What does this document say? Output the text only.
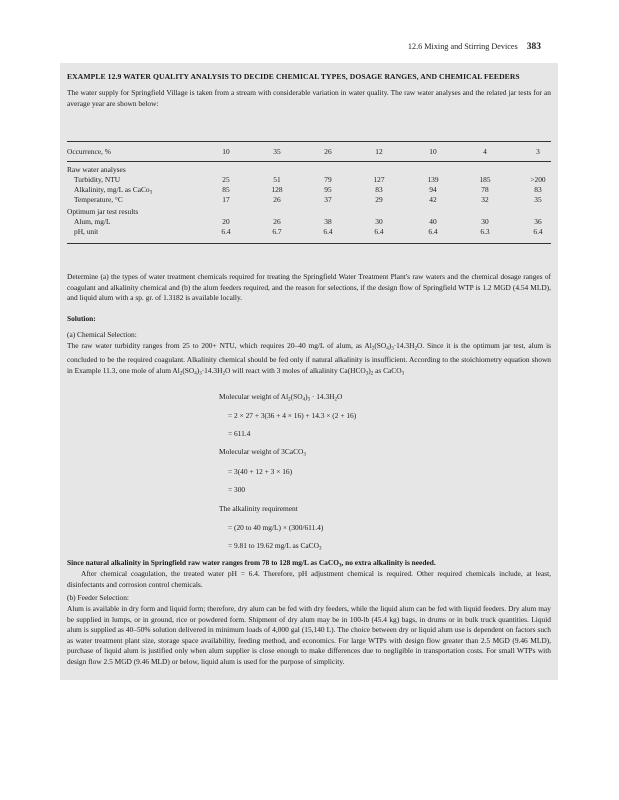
12.6 Mixing and Stirring Devices 383

EXAMPLE 12.9 WATER QUALITY ANALYSIS TO DECIDE CHEMICAL TYPES, DOSAGE RANGES, AND CHEMICAL FEEDERS

The water supply for Springfield Village is taken from a stream with considerable variation in water quality. The raw water analyses and the related jar tests for an average year are shown below:

Occurrence, %	10	35	26	12	10	4	3
Raw water analyses
Turbidity, NTU	25	51	79	127	139	185	>200
Alkalinity, mg/L as CaCo$_3$	85	128	95	83	94	78	83
Temperature, °C	17	26	37	29	42	32	35
Optimum jar test results
Alum, mg/L	20	26	38	30	40	30	36
pH, unit	6.4	6.7	6.4	6.4	6.4	6.3	6.4

Determine (a) the types of water treatment chemicals required for treating the Springfield Water Treatment Plant's raw waters and the chemical dosage ranges of coagulant and alkalinity chemical and (b) the alum feeders required, and the reason for selections, if the design flow of Springfield WTP is 1.2 MGD (4.54 MLD), and liquid alum with a sp. gr. of 1.3182 is available locally.

Solution:

(a) Chemical Selection:

The raw water turbidity ranges from 25 to 200+ NTU, which requires 20–40 mg/L of alum, as $Al_2(SO_4)_3\cdot 14.3H_2O$. Since it is the optimum jar test, alum is concluded to be the required coagulant. Alkalinity chemical should be fed only if natural alkalinity is insufficient. According to the stoichiometry equation shown in Example 11.3, one mole of alum $Al_2(SO_4)_3\cdot 14.3H_2O$ will react with 3 moles of alkalinity $Ca(HCO_3)_2$ as CaCO$_3$

Molecular weight of $Al_2(SO_4)_3 \cdot 14.3H_2O$
= 2 × 27 + 3(36 + 4 × 16) + 14.3 × (2 + 16)
= 611.4
Molecular weight of 3CaCO$_3$
= 3(40 + 12 + 3 × 16)
= 300
The alkalinity requirement
= (20 to 40 mg/L) × (300/611.4)
= 9.81 to 19.62 mg/L as CaCO$_3$

Since natural alkalinity in Springfield raw water ranges from 78 to 128 mg/L as CaCO$_3$, no extra alkalinity is needed.

After chemical coagulation, the treated water pH = 6.4. Therefore, pH adjustment chemical is required. Other required chemicals include, at least, disinfectants and corrosion control chemicals.

(b) Feeder Selection:

Alum is available in dry form and liquid form; therefore, dry alum can be fed with dry feeders, while the liquid alum can be fed with liquid feeders. Dry alum may be supplied in lumps, or in ground, rice or powdered form. Shipment of dry alum may be in 100-lb (45.4 kg) bags, in drums or in bulk truck quantities. Liquid alum is supplied as 40–50% solution delivered in minimum loads of 4,000 gal (15,140 L). The choice between dry or liquid alum use is dependent on factors such as water treatment plant size, storage space availability, feeding method, and economics. For large WTPs with design flow greater than 2.5 MGD (9.46 MLD), purchase of liquid alum is justified only when alum supplier is close enough to make differences due to negligible in transportation costs. For small WTPs with design flow 2.5 MGD (9.46 MLD) or below, liquid alum is used for the purpose of simplicity.
